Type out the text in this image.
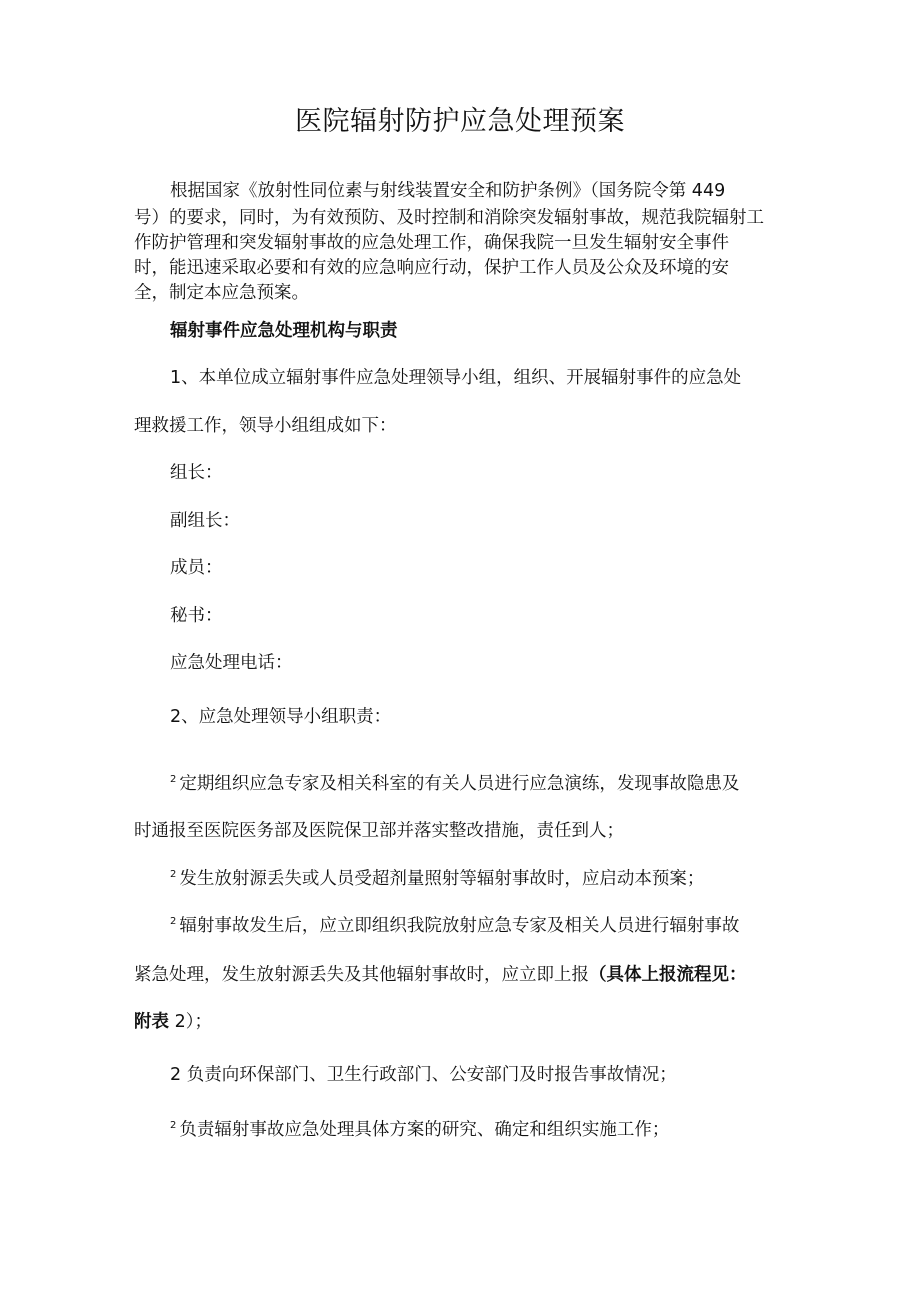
医院辐射防护应急处理预案
根据国家《放射性同位素与射线装置安全和防护条例》（国务院令第 449
号）的要求，同时，为有效预防、及时控制和消除突发辐射事故，规范我院辐射工
作防护管理和突发辐射事故的应急处理工作，确保我院一旦发生辐射安全事件
时，能迅速采取必要和有效的应急响应行动，保护工作人员及公众及环境的安
全，制定本应急预案。
辐射事件应急处理机构与职责
1、本单位成立辐射事件应急处理领导小组，组织、开展辐射事件的应急处
理救援工作，领导小组组成如下：
组长：
副组长：
成员：
秘书：
应急处理电话：
2、应急处理领导小组职责：
$^2$ 定期组织应急专家及相关科室的有关人员进行应急演练，发现事故隐患及
时通报至医院医务部及医院保卫部并落实整改措施，责任到人；
$^2$ 发生放射源丢失或人员受超剂量照射等辐射事故时，应启动本预案；
$^2$ 辐射事故发生后，应立即组织我院放射应急专家及相关人员进行辐射事故
紧急处理，发生放射源丢失及其他辐射事故时，应立即上报（具体上报流程见：
附表 2）；
2 负责向环保部门、卫生行政部门、公安部门及时报告事故情况；
$^2$ 负责辐射事故应急处理具体方案的研究、确定和组织实施工作；
